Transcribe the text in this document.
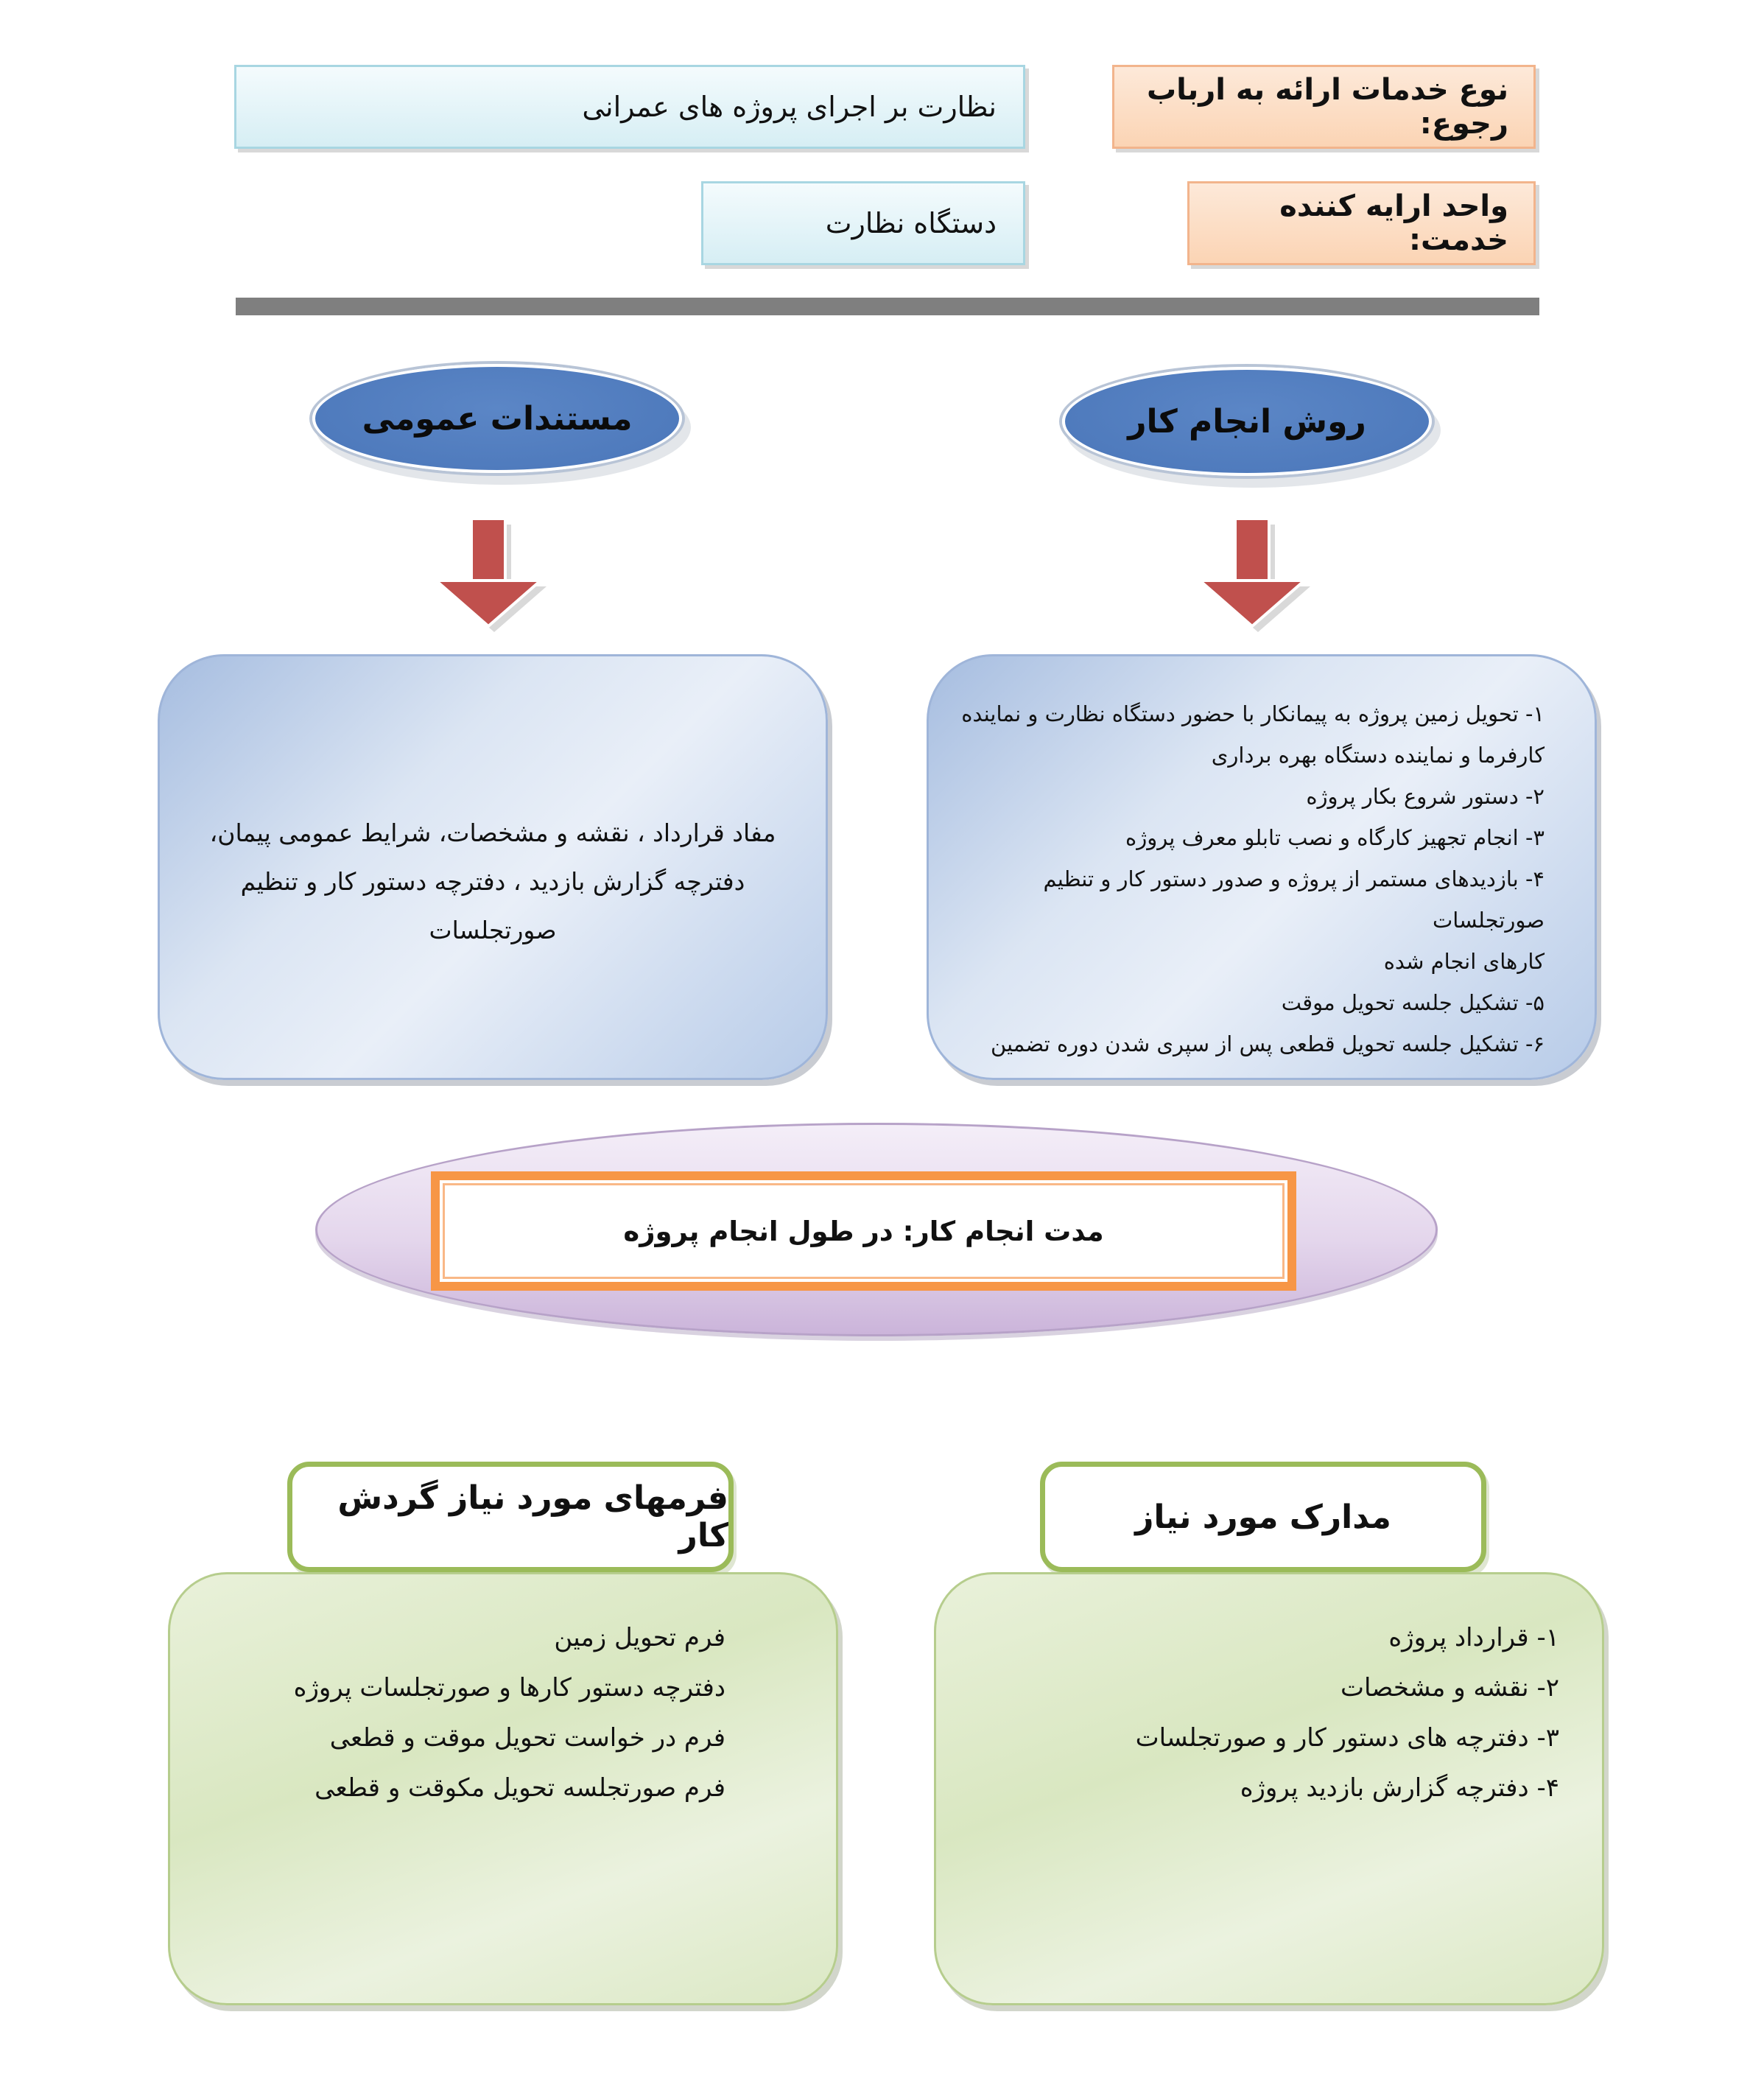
نوع خدمات ارائه به ارباب رجوع:
نظارت بر اجرای پروژه های عمرانی
واحد ارایه کننده خدمت:
دستگاه نظارت
روش انجام کار
مستندات عمومی
۱- تحویل زمین پروژه به پیمانکار با حضور دستگاه نظارت و نماینده
کارفرما و نماینده دستگاه بهره برداری
۲- دستور شروع بکار پروژه
۳- انجام تجهیز کارگاه و نصب تابلو معرف پروژه
۴- بازدیدهای مستمر از پروژه و صدور دستور کار و تنظیم صورتجلسات
کارهای انجام شده
۵- تشکیل جلسه تحویل موقت
۶- تشکیل جلسه تحویل قطعی پس از سپری شدن دوره تضمین
مفاد قرارداد ، نقشه و مشخصات، شرایط عمومی پیمان،
دفترچه گزارش بازدید ، دفترچه دستور کار و تنظیم
صورتجلسات
مدت انجام کار: در طول انجام پروژه
مدارک مورد نیاز
فرمهای مورد نیاز گردش کار
۱- قرارداد پروژه
۲- نقشه و مشخصات
۳- دفترچه های دستور کار و صورتجلسات
۴- دفترچه گزارش بازدید پروژه
فرم تحویل زمین
دفترچه دستور کارها و صورتجلسات پروژه
فرم در خواست تحویل موقت و قطعی
فرم صورتجلسه تحویل مکوقت و قطعی
